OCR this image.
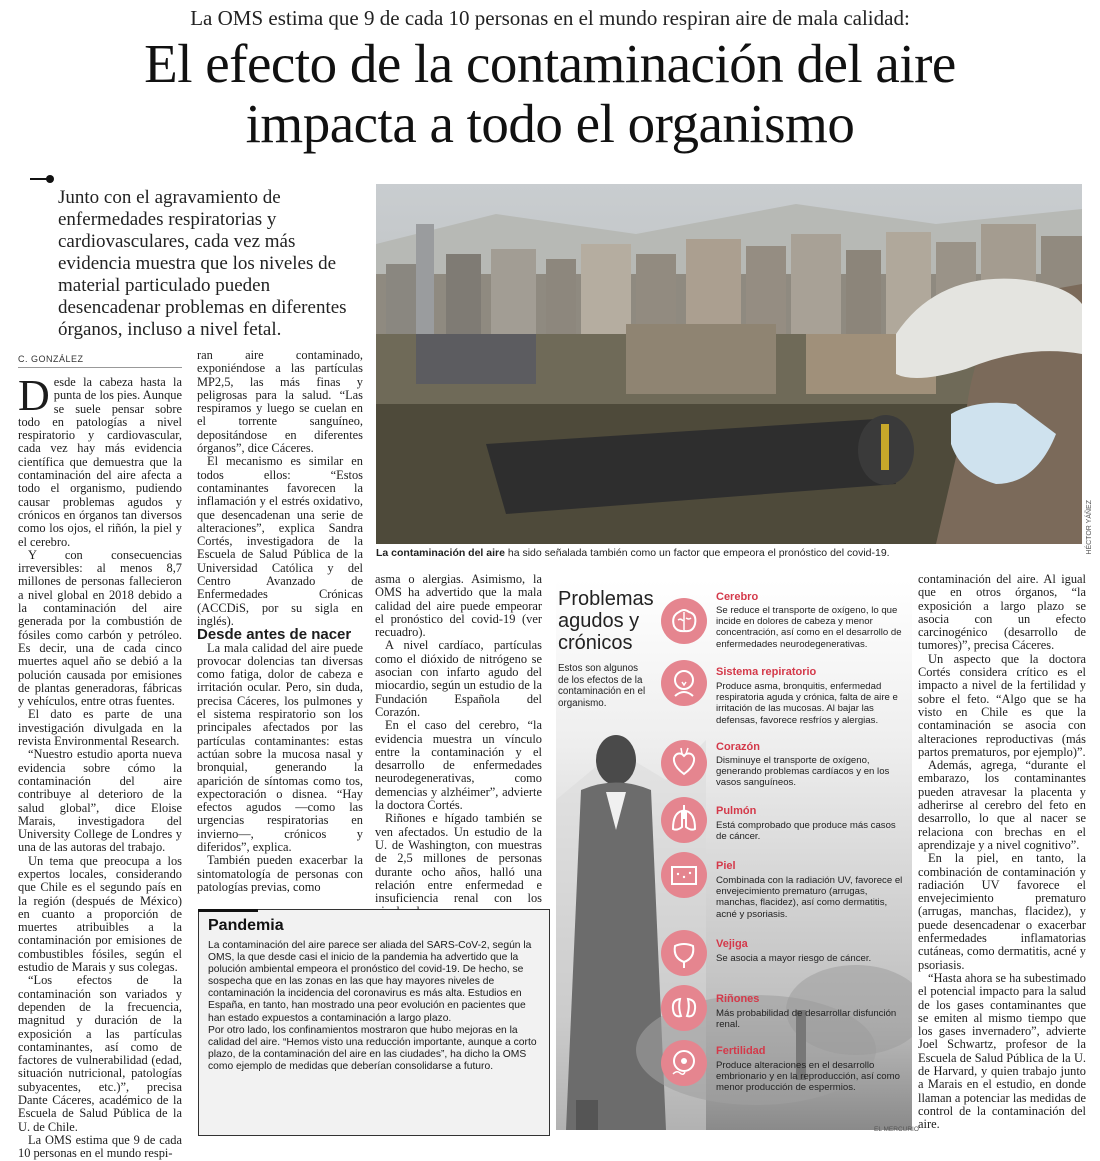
La OMS estima que 9 de cada 10 personas en el mundo respiran aire de mala calidad:
El efecto de la contaminación del aire
impacta a todo el organismo
Junto con el agravamiento de enfermedades respiratorias y cardiovasculares, cada vez más evidencia muestra que los niveles de material particulado pueden desencadenar problemas en diferentes órganos, incluso a nivel fetal.
C. GONZÁLEZ

Desde la cabeza hasta la punta de los pies. Aunque se suele pensar sobre todo en patologías a nivel respiratorio y cardiovascular, cada vez hay más evidencia científica que demuestra que la contaminación del aire afecta a todo el organismo, pudiendo causar problemas agudos y crónicos en órganos tan diversos como los ojos, el riñón, la piel y el cerebro.

Y con consecuencias irreversibles: al menos 8,7 millones de personas fallecieron a nivel global en 2018 debido a la contaminación del aire generada por la combustión de fósiles como carbón y petróleo. Es decir, una de cada cinco muertes aquel año se debió a la polución causada por emisiones de plantas generadoras, fábricas y vehículos, entre otras fuentes.

El dato es parte de una investigación divulgada en la revista Environmental Research.

“Nuestro estudio aporta nueva evidencia sobre cómo la contaminación del aire contribuye al deterioro de la salud global”, dice Eloise Marais, investigadora del University College de Londres y una de las autoras del trabajo.

Un tema que preocupa a los expertos locales, considerando que Chile es el segundo país en la región (después de México) en cuanto a proporción de muertes atribuibles a la contaminación por emisiones de combustibles fósiles, según el estudio de Marais y sus colegas.

“Los efectos de la contaminación son variados y dependen de la frecuencia, magnitud y duración de la exposición a las partículas contaminantes, así como de factores de vulnerabilidad (edad, situación nutricional, patologías subyacentes, etc.)”, precisa Dante Cáceres, académico de la Escuela de Salud Pública de la U. de Chile.

La OMS estima que 9 de cada 10 personas en el mundo respi-

ran aire contaminado, exponiéndose a las partículas MP2,5, las más finas y peligrosas para la salud. “Las respiramos y luego se cuelan en el torrente sanguíneo, depositándose en diferentes órganos”, dice Cáceres.

El mecanismo es similar en todos ellos: “Estos contaminantes favorecen la inflamación y el estrés oxidativo, que desencadenan una serie de alteraciones”, explica Sandra Cortés, investigadora de la Escuela de Salud Pública de la Universidad Católica y del Centro Avanzado de Enfermedades Crónicas (ACCDiS, por su sigla en inglés).

Desde antes de nacer

La mala calidad del aire puede provocar dolencias tan diversas como fatiga, dolor de cabeza e irritación ocular. Pero, sin duda, precisa Cáceres, los pulmones y el sistema respiratorio son los principales afectados por las partículas contaminantes: estas actúan sobre la mucosa nasal y bronquial, generando la aparición de síntomas como tos, expectoración o disnea. “Hay efectos agudos —como las urgencias respiratorias en invierno—, crónicos y diferidos”, explica.

También pueden exacerbar la sintomatología de personas con patologías previas, como

HÉCTOR YÁÑEZ
La contaminación del aire ha sido señalada también como un factor que empeora el pronóstico del covid-19.

asma o alergias. Asimismo, la OMS ha advertido que la mala calidad del aire puede empeorar el pronóstico del covid-19 (ver recuadro).

A nivel cardíaco, partículas como el dióxido de nitrógeno se asocian con infarto agudo del miocardio, según un estudio de la Fundación Española del Corazón.

En el caso del cerebro, “la evidencia muestra un vínculo entre la contaminación y el desarrollo de enfermedades neurodegenerativas, como demencias y alzhéimer”, advierte la doctora Cortés.

Riñones e hígado también se ven afectados. Un estudio de la U. de Washington, con muestras de 2,5 millones de personas durante ocho años, halló una relación entre enfermedad e insuficiencia renal con los

Problemas
agudos y
crónicos
Estos son algunos de los efectos de la contaminación en el organismo.
Cerebro
Se reduce el transporte de oxígeno, lo que incide en dolores de cabeza y menor concentración, así como en el desarrollo de enfermedades neurodegenerativas.
Sistema repiratorio
Produce asma, bronquitis, enfermedad respiratoria aguda y crónica, falta de aire e irritación de las mucosas. Al bajar las defensas, favorece resfríos y alergias.
Corazón
Disminuye el transporte de oxígeno, generando problemas cardíacos y en los vasos sanguíneos.
Pulmón
Está comprobado que produce más casos de cáncer.
Piel
Combinada con la radiación UV, favorece el envejecimiento prematuro (arrugas, manchas, flacidez), así como dermatitis, acné y psoriasis.
Vejiga
Se asocia a mayor riesgo de cáncer.
Riñones
Más probabilidad de desarrollar disfunción renal.
Fertilidad
Produce alteraciones en el desarrollo embrionario y en la reproducción, así como menor producción de espermios.
EL MERCURIO

contaminación del aire. Al igual que en otros órganos, “la exposición a largo plazo se asocia con un efecto carcinogénico (desarrollo de tumores)”, precisa Cáceres.

Un aspecto que la doctora Cortés considera crítico es el impacto a nivel de la fertilidad y sobre el feto. “Algo que se ha visto en Chile es que la contaminación se asocia con alteraciones reproductivas (más partos prematuros, por ejemplo)”.

Además, agrega, “durante el embarazo, los contaminantes pueden atravesar la placenta y adherirse al cerebro del feto en desarrollo, lo que al nacer se relaciona con brechas en el aprendizaje y a nivel cognitivo”.

En la piel, en tanto, la combinación de contaminación y radiación UV favorece el envejecimiento prematuro (arrugas, manchas, flacidez), y puede desencadenar o exacerbar enfermedades inflamatorias cutáneas, como dermatitis, acné y psoriasis.

“Hasta ahora se ha subestimado el potencial impacto para la salud de los gases contaminantes que se emiten al mismo tiempo que los gases invernadero”, advierte Joel Schwartz, profesor de la Escuela de Salud Pública de la U. de Harvard, y quien trabajo junto a Marais en el estudio, en donde llaman a potenciar las medidas de control de la contaminación del aire.

Pandemia

La contaminación del aire parece ser aliada del SARS-CoV-2, según la OMS, la que desde casi el inicio de la pandemia ha advertido que la polución ambiental empeora el pronóstico del covid-19. De hecho, se sospecha que en las zonas en las que hay mayores niveles de contaminación la incidencia del coronavirus es más alta. Estudios en España, en tanto, han mostrado una peor evolución en pacientes que han estado expuestos a contaminación a largo plazo.

Por otro lado, los confinamientos mostraron que hubo mejoras en la calidad del aire. “Hemos visto una reducción importante, aunque a corto plazo, de la contaminación del aire en las ciudades”, ha dicho la OMS como ejemplo de medidas que deberían consolidarse a futuro.
